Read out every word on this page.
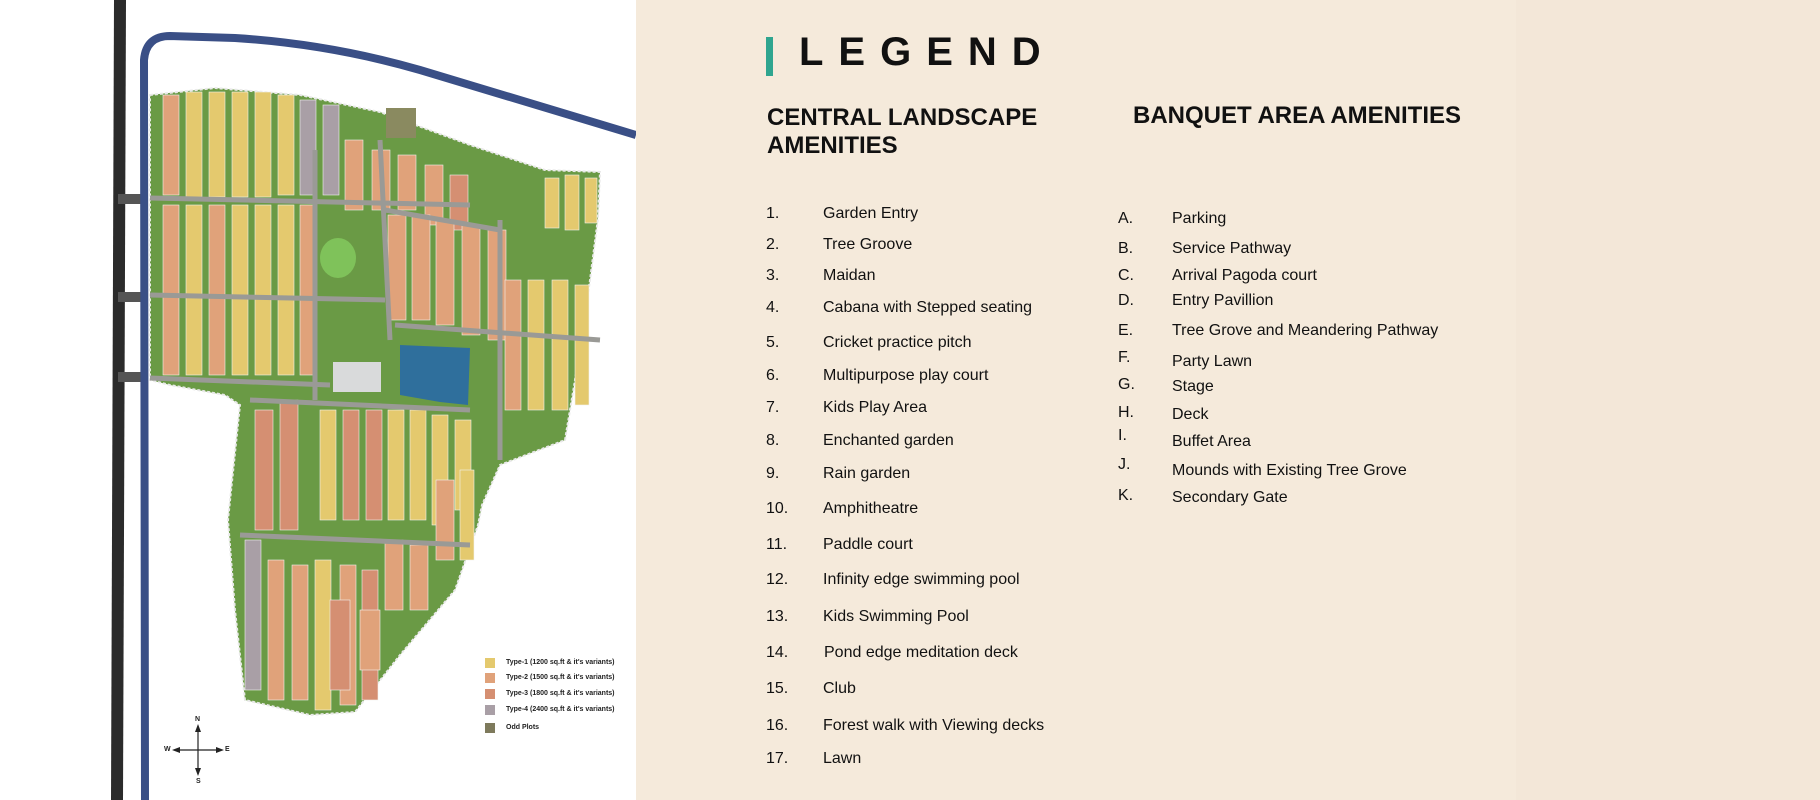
N
S
E
W
Type-1 (1200 sq.ft & it's variants)
Type-2 (1500 sq.ft & it's variants)
Type-3 (1800 sq.ft & it's variants)
Type-4 (2400 sq.ft & it's variants)
Odd Plots
LEGEND
CENTRAL LANDSCAPE AMENITIES
BANQUET AREA AMENITIES
1.	Garden Entry
2.	Tree Groove
3.	Maidan
4.	Cabana with Stepped seating
5.	Cricket practice pitch
6.	Multipurpose play court
7.	Kids Play Area
8.	Enchanted garden
9.	Rain garden
10. Amphitheatre
11. Paddle court
12. Infinity edge swimming pool
13. Kids Swimming Pool
14. Pond edge meditation deck
15. Club
16. Forest walk with Viewing decks
17. Lawn
A. Parking
B. Service Pathway
C. Arrival Pagoda court
D. Entry Pavillion
E. Tree Grove and Meandering Pathway
F.	Party Lawn
G. Stage
H. Deck
I.	Buffet Area
J.	Mounds with Existing Tree Grove
K. Secondary Gate
